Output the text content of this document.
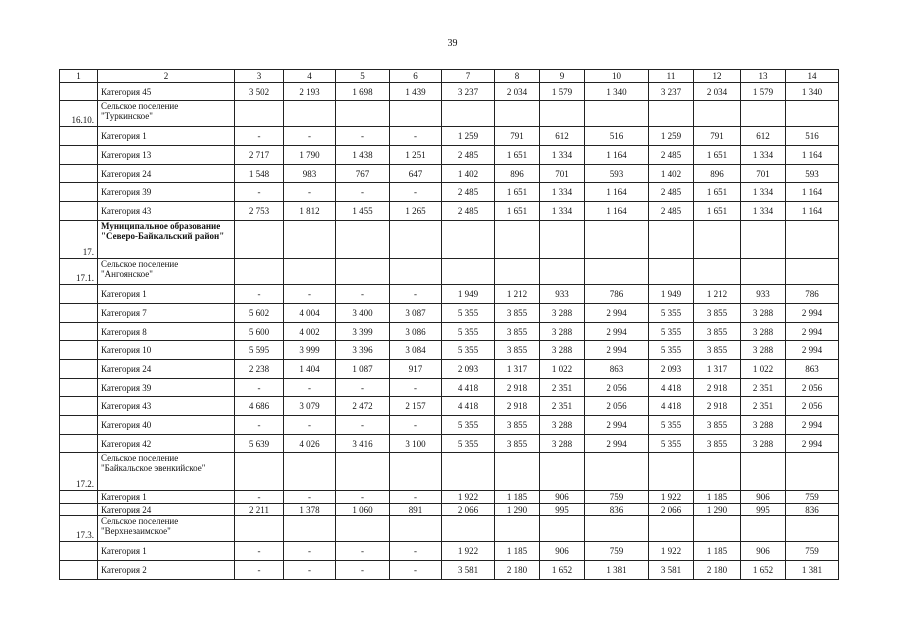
39
1	2	3	4	5	6	7	8	9	10	11	12	13	14
	Категория 45	3 502	2 193	1 698	1 439	3 237	2 034	1 579	1 340	3 237	2 034	1 579	1 340
16.10.	Сельское поселение "Туркинское"												
	Категория 1	-	-	-	-	1 259	791	612	516	1 259	791	612	516
	Категория 13	2 717	1 790	1 438	1 251	2 485	1 651	1 334	1 164	2 485	1 651	1 334	1 164
	Категория 24	1 548	983	767	647	1 402	896	701	593	1 402	896	701	593
	Категория 39	-	-	-	-	2 485	1 651	1 334	1 164	2 485	1 651	1 334	1 164
	Категория 43	2 753	1 812	1 455	1 265	2 485	1 651	1 334	1 164	2 485	1 651	1 334	1 164
17.	Муниципальное образование "Северо-Байкальский район"												
17.1.	Сельское поселение "Ангоянское"												
	Категория 1	-	-	-	-	1 949	1 212	933	786	1 949	1 212	933	786
	Категория 7	5 602	4 004	3 400	3 087	5 355	3 855	3 288	2 994	5 355	3 855	3 288	2 994
	Категория 8	5 600	4 002	3 399	3 086	5 355	3 855	3 288	2 994	5 355	3 855	3 288	2 994
	Категория 10	5 595	3 999	3 396	3 084	5 355	3 855	3 288	2 994	5 355	3 855	3 288	2 994
	Категория 24	2 238	1 404	1 087	917	2 093	1 317	1 022	863	2 093	1 317	1 022	863
	Категория 39	-	-	-	-	4 418	2 918	2 351	2 056	4 418	2 918	2 351	2 056
	Категория 43	4 686	3 079	2 472	2 157	4 418	2 918	2 351	2 056	4 418	2 918	2 351	2 056
	Категория 40	-	-	-	-	5 355	3 855	3 288	2 994	5 355	3 855	3 288	2 994
	Категория 42	5 639	4 026	3 416	3 100	5 355	3 855	3 288	2 994	5 355	3 855	3 288	2 994
17.2.	Сельское поселение "Байкальское эвенкийское"												
	Категория 1	-	-	-	-	1 922	1 185	906	759	1 922	1 185	906	759
	Категория 24	2 211	1 378	1 060	891	2 066	1 290	995	836	2 066	1 290	995	836
17.3.	Сельское поселение "Верхнезаимское"												
	Категория 1	-	-	-	-	1 922	1 185	906	759	1 922	1 185	906	759
	Категория 2	-	-	-	-	3 581	2 180	1 652	1 381	3 581	2 180	1 652	1 381
